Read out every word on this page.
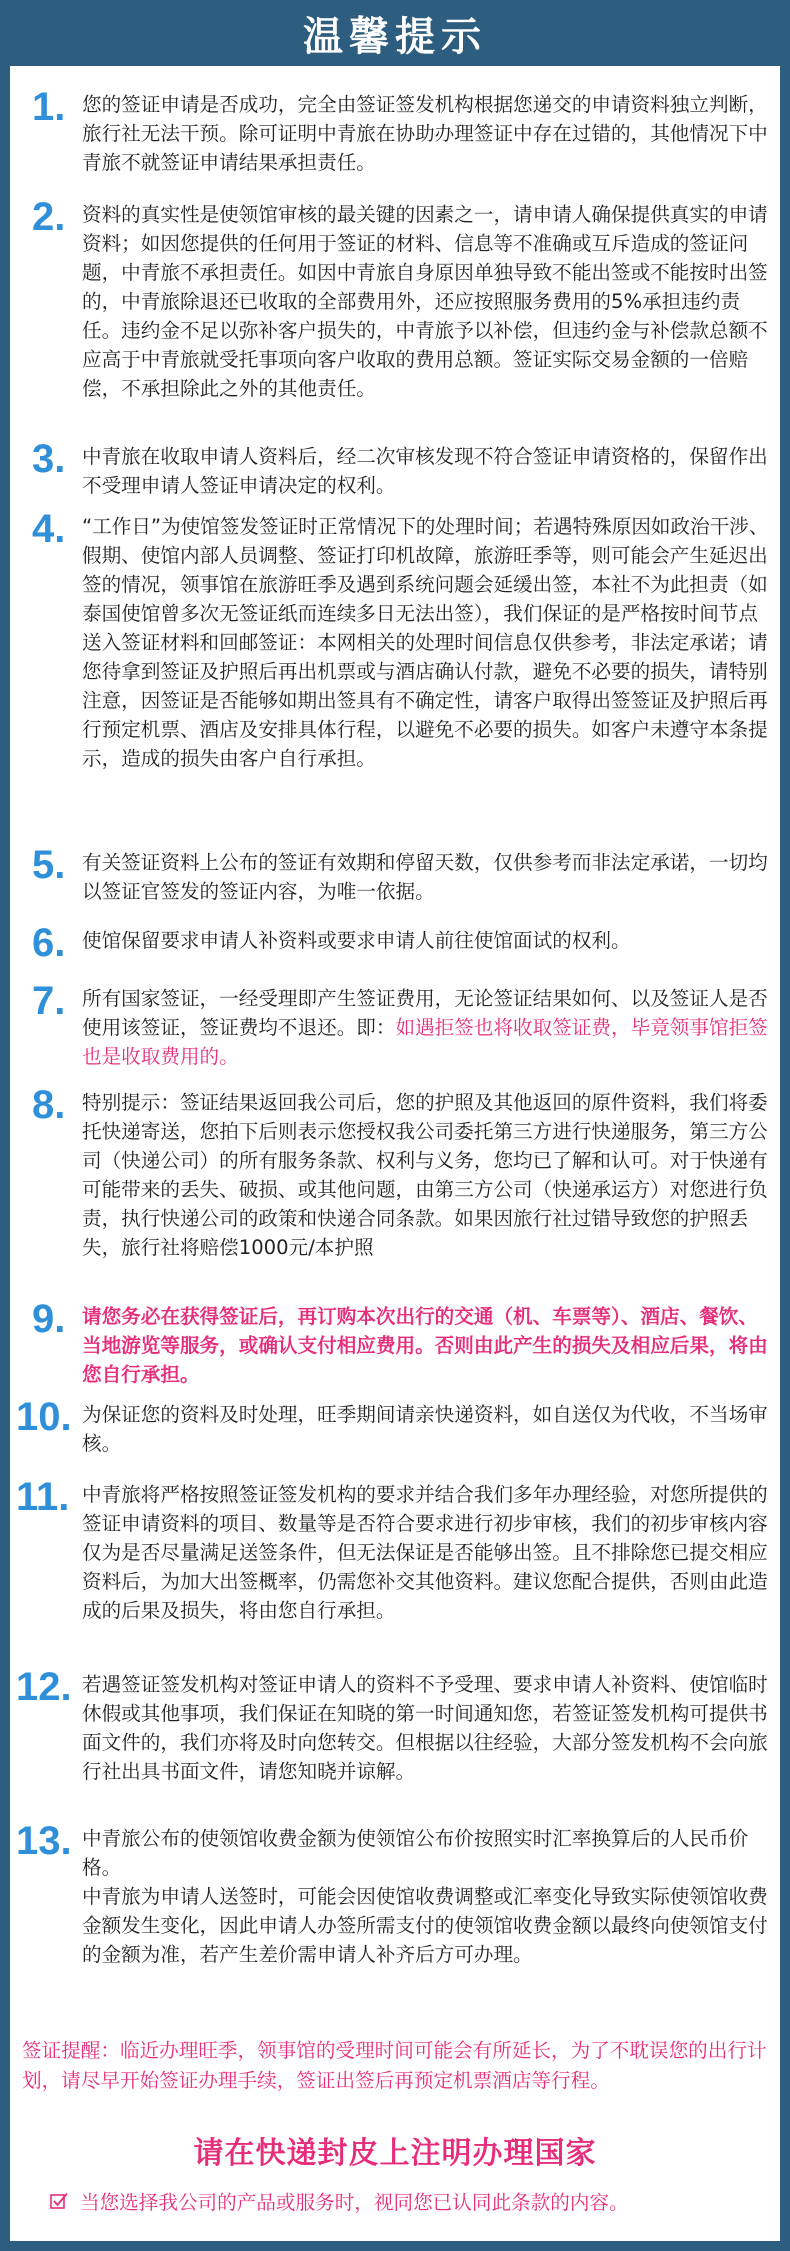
温馨提示
1. 您的签证申请是否成功，完全由签证签发机构根据您递交的申请资料独立判断，旅行社无法干预。除可证明中青旅在协助办理签证中存在过错的，其他情况下中青旅不就签证申请结果承担责任。
2. 资料的真实性是使领馆审核的最关键的因素之一，请申请人确保提供真实的申请资料；如因您提供的任何用于签证的材料、信息等不准确或互斥造成的签证问题，中青旅不承担责任。如因中青旅自身原因单独导致不能出签或不能按时出签的，中青旅除退还已收取的全部费用外，还应按照服务费用的5%承担违约责任。违约金不足以弥补客户损失的，中青旅予以补偿，但违约金与补偿款总额不应高于中青旅就受托事项向客户收取的费用总额。签证实际交易金额的一倍赔偿，不承担除此之外的其他责任。
3. 中青旅在收取申请人资料后，经二次审核发现不符合签证申请资格的，保留作出不受理申请人签证申请决定的权利。
4. “工作日”为使馆签发签证时正常情况下的处理时间；若遇特殊原因如政治干涉、假期、使馆内部人员调整、签证打印机故障，旅游旺季等，则可能会产生延迟出签的情况，领事馆在旅游旺季及遇到系统问题会延缓出签，本社不为此担责（如泰国使馆曾多次无签证纸而连续多日无法出签），我们保证的是严格按时间节点送入签证材料和回邮签证：本网相关的处理时间信息仅供参考，非法定承诺；请您待拿到签证及护照后再出机票或与酒店确认付款，避免不必要的损失，请特别注意，因签证是否能够如期出签具有不确定性，请客户取得出签签证及护照后再行预定机票、酒店及安排具体行程，以避免不必要的损失。如客户未遵守本条提示，造成的损失由客户自行承担。
5. 有关签证资料上公布的签证有效期和停留天数，仅供参考而非法定承诺，一切均以签证官签发的签证内容，为唯一依据。
6. 使馆保留要求申请人补资料或要求申请人前往使馆面试的权利。
7. 所有国家签证，一经受理即产生签证费用，无论签证结果如何、以及签证人是否使用该签证，签证费均不退还。即：如遇拒签也将收取签证费，毕竟领事馆拒签也是收取费用的。
8. 特别提示：签证结果返回我公司后，您的护照及其他返回的原件资料，我们将委托快递寄送，您拍下后则表示您授权我公司委托第三方进行快递服务，第三方公司（快递公司）的所有服务条款、权利与义务，您均已了解和认可。对于快递有可能带来的丢失、破损、或其他问题，由第三方公司（快递承运方）对您进行负责，执行快递公司的政策和快递合同条款。如果因旅行社过错导致您的护照丢失，旅行社将赔偿1000元/本护照
9. 请您务必在获得签证后，再订购本次出行的交通（机、车票等）、酒店、餐饮、当地游览等服务，或确认支付相应费用。否则由此产生的损失及相应后果，将由您自行承担。
10. 为保证您的资料及时处理，旺季期间请亲快递资料，如自送仅为代收，不当场审核。
11. 中青旅将严格按照签证签发机构的要求并结合我们多年办理经验，对您所提供的签证申请资料的项目、数量等是否符合要求进行初步审核，我们的初步审核内容仅为是否尽量满足送签条件，但无法保证是否能够出签。且不排除您已提交相应资料后，为加大出签概率，仍需您补交其他资料。建议您配合提供，否则由此造成的后果及损失，将由您自行承担。
12. 若遇签证签发机构对签证申请人的资料不予受理、要求申请人补资料、使馆临时休假或其他事项，我们保证在知晓的第一时间通知您，若签证签发机构可提供书面文件的，我们亦将及时向您转交。但根据以往经验，大部分签发机构不会向旅行社出具书面文件，请您知晓并谅解。
13. 中青旅公布的使领馆收费金额为使领馆公布价按照实时汇率换算后的人民币价格。
中青旅为申请人送签时，可能会因使馆收费调整或汇率变化导致实际使领馆收费金额发生变化，因此申请人办签所需支付的使领馆收费金额以最终向使领馆支付的金额为准，若产生差价需申请人补齐后方可办理。
签证提醒：临近办理旺季，领事馆的受理时间可能会有所延长，为了不耽误您的出行计划，请尽早开始签证办理手续，签证出签后再预定机票酒店等行程。
请在快递封皮上注明办理国家
当您选择我公司的产品或服务时，视同您已认同此条款的内容。
